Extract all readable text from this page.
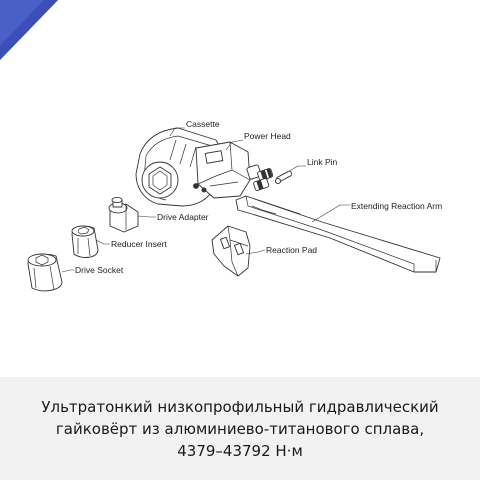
Cassette
Power Head
Link Pin
Extending Reaction Arm
Drive Adapter
Reducer Insert
Reaction Pad
Drive Socket
Ультратонкий низкопрофильный гидравлический
гайковёрт из алюминиево-титанового сплава,
4379–43792 Н·м
